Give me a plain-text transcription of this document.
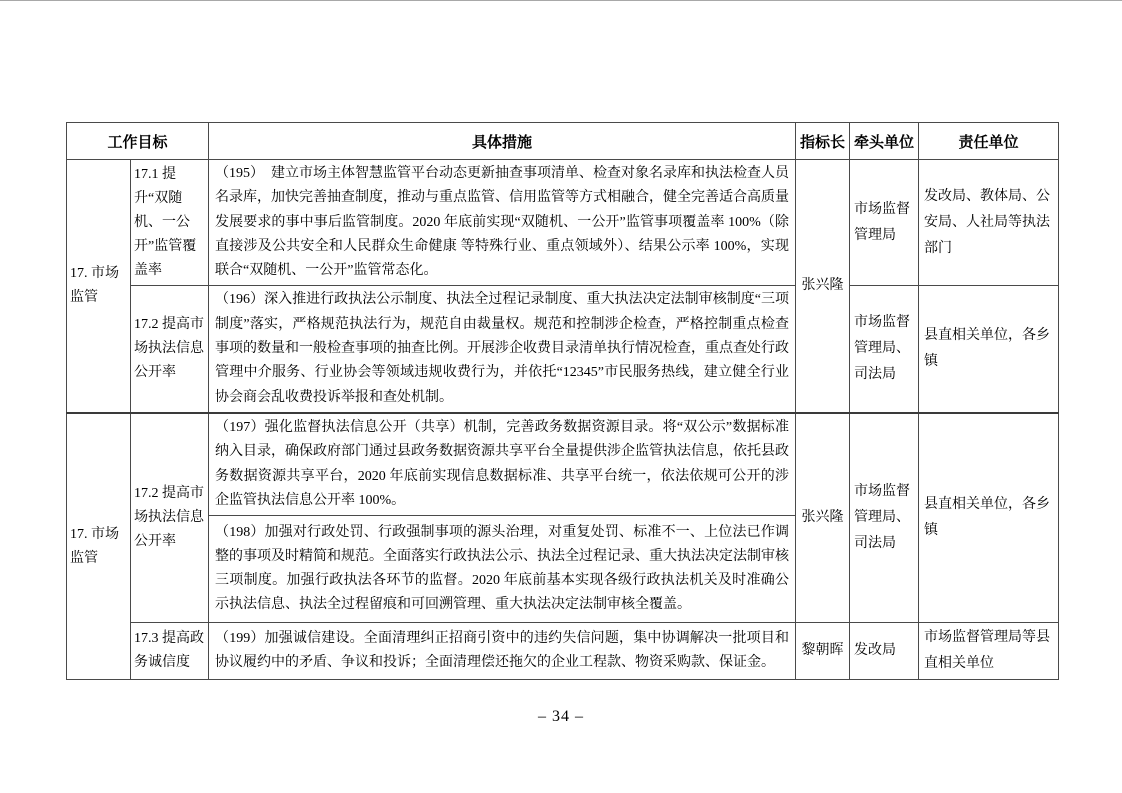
工作目标		具体措施	指标长	牵头单位	责任单位
17. 市场监管	17.1 提升“双随机、一公开”监管覆盖率	（195）　建立市场主体智慧监管平台动态更新抽查事项清单、检查对象名录库和执法检查人员名录库，加快完善抽查制度，推动与重点监管、信用监管等方式相融合，健全完善适合高质量发展要求的事中事后监管制度。2020 年底前实现“双随机、一公开”监管事项覆盖率 100%（除直接涉及公共安全和人民群众生命健康 等特殊行业、重点领域外）、结果公示率 100%，实现联合“双随机、一公开”监管常态化。	张兴隆	市场监督管理局	发改局、教体局、公安局、人社局等执法部门
	17.2 提高市场执法信息公开率	（196）深入推进行政执法公示制度、执法全过程记录制度、重大执法决定法制审核制度“三项制度”落实，严格规范执法行为，规范自由裁量权。规范和控制涉企检查，严格控制重点检查事项的数量和一般检查事项的抽查比例。开展涉企收费目录清单执行情况检查，重点查处行政管理中介服务、行业协会等领域违规收费行为，并依托“12345”市民服务热线，建立健全行业协会商会乱收费投诉举报和查处机制。		市场监督管理局、司法局	县直相关单位，各乡镇
17. 市场监管	17.2 提高市场执法信息公开率	（197）强化监督执法信息公开（共享）机制，完善政务数据资源目录。将“双公示”数据标准纳入目录，确保政府部门通过县政务数据资源共享平台全量提供涉企监管执法信息，依托县政务数据资源共享平台，2020 年底前实现信息数据标准、共享平台统一，依法依规可公开的涉企监管执法信息公开率 100%。	张兴隆	市场监督管理局、司法局	县直相关单位，各乡镇
		（198）加强对行政处罚、行政强制事项的源头治理，对重复处罚、标准不一、上位法已作调整的事项及时精简和规范。全面落实行政执法公示、执法全过程记录、重大执法决定法制审核三项制度。加强行政执法各环节的监督。2020 年底前基本实现各级行政执法机关及时准确公示执法信息、执法全过程留痕和可回溯管理、重大执法决定法制审核全覆盖。			
	17.3 提高政务诚信度	（199）加强诚信建设。全面清理纠正招商引资中的违约失信问题，集中协调解决一批项目和协议履约中的矛盾、争议和投诉；全面清理偿还拖欠的企业工程款、物资采购款、保证金。	黎朝晖	发改局	市场监督管理局等县直相关单位
– 34 –
